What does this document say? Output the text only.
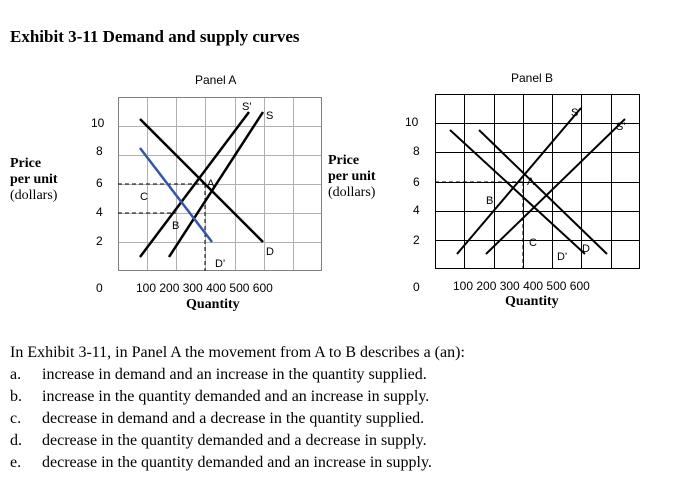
Exhibit 3-11 Demand and supply curves
Price
per unit
(dollars)
Panel A
10
8
6
4
2
0	100 200 300 400 500 600
Quantity
S'
S
D
D'
A
B
C
Price
per unit
(dollars)
Panel B
10
8
6
4
2
0	100 200 300 400 500 600
Quantity
S
S'
D
D'
A
B
C
In Exhibit 3-11, in Panel A the movement from A to B describes a (an):
a.	increase in demand and an increase in the quantity supplied.
b.	increase in the quantity demanded and an increase in supply.
c.	decrease in demand and a decrease in the quantity supplied.
d.	decrease in the quantity demanded and a decrease in supply.
e.	decrease in the quantity demanded and an increase in supply.
